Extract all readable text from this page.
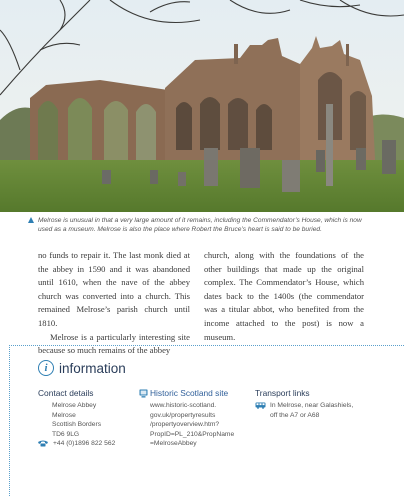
Melrose is unusual in that a very large amount of it remains, including the Commendator’s House, which is now used as a museum. Melrose is also the place where Robert the Bruce’s heart is said to be buried.

no funds to repair it. The last monk died at the abbey in 1590 and it was abandoned until 1610, when the nave of the abbey church was converted into a church. This remained Melrose’s parish church until 1810.

Melrose is a particularly interesting site because so much remains of the abbey

church, along with the foundations of the other buildings that made up the original complex. The Commendator’s House, which dates back to the 1400s (the commendator was a titular abbot, who benefited from the income attached to the post) is now a museum.

i information
Contact details
Melrose Abbey
Melrose
Scottish Borders
TD6 9LG
+44 (0)1896 822 562
Historic Scotland site
www.historic-scotland.
gov.uk/propertyresults
/propertyoverview.htm?
PropID=PL_210&PropName
=MelroseAbbey
Transport links
In Melrose, near Galashiels,
off the A7 or A68
